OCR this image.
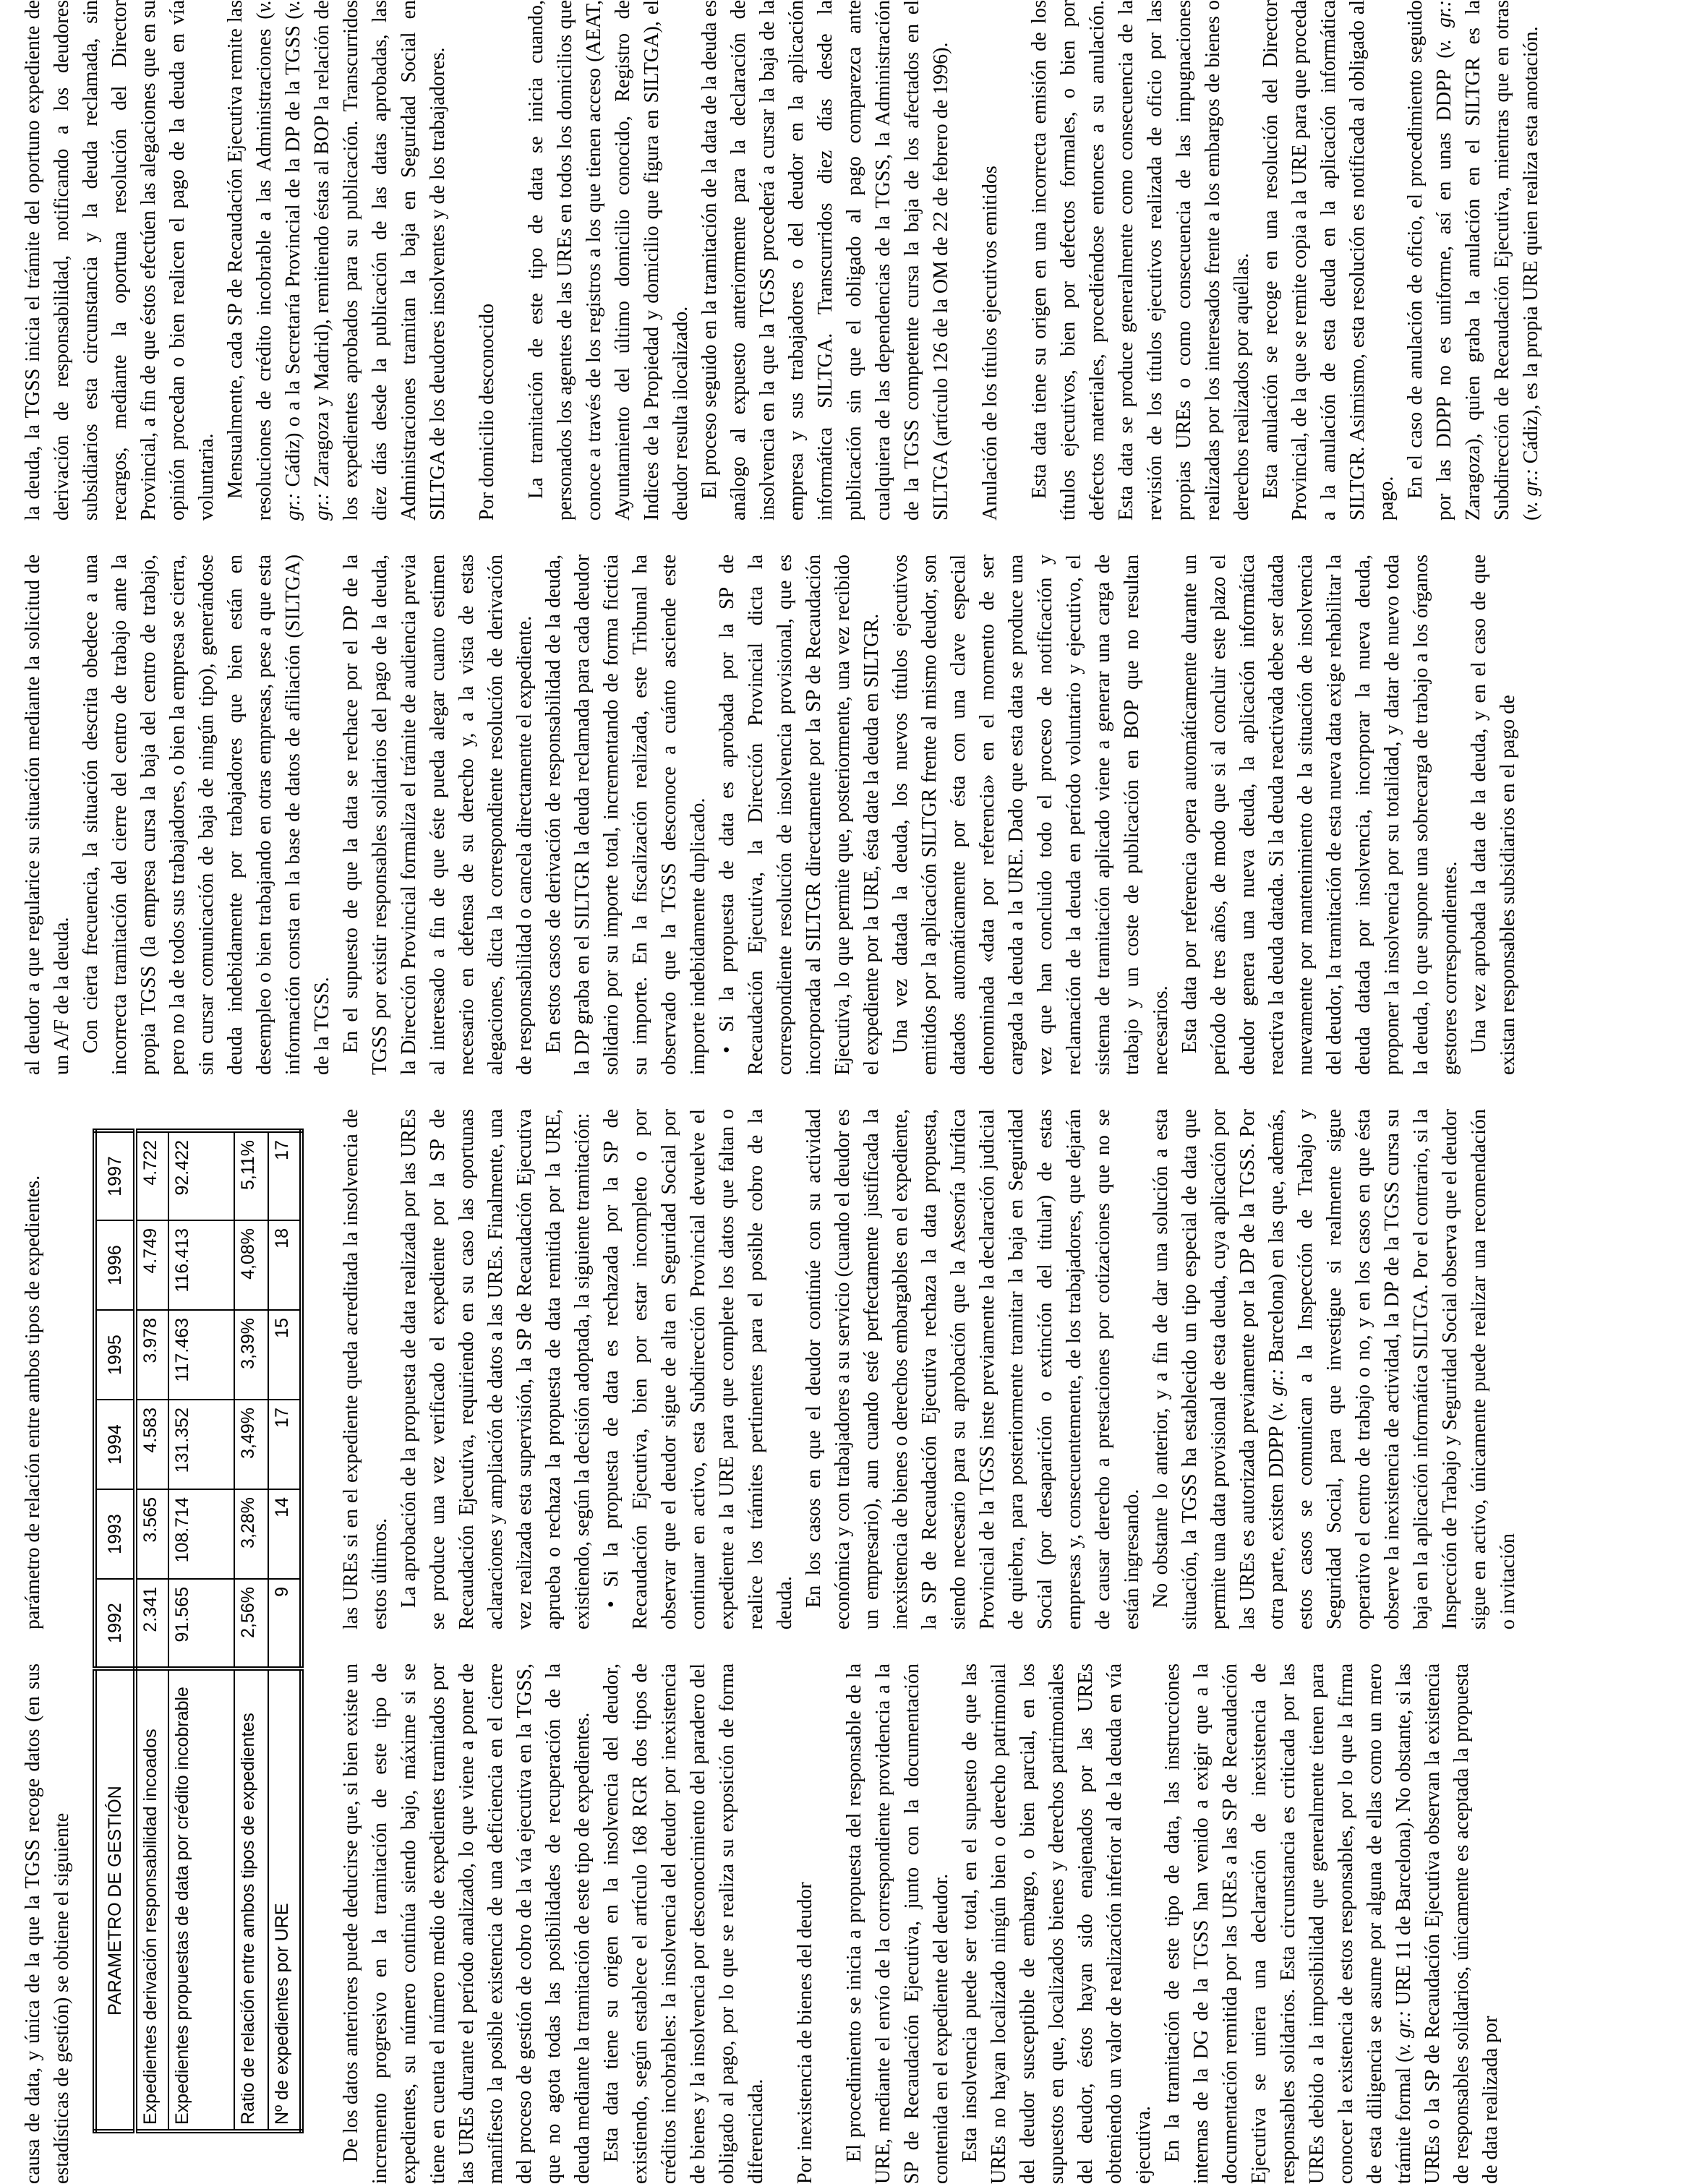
causa de data, y única de la que la TGSS recoge datos (en sus estadísticas de gestión) se obtiene el siguiente	De los datos anteriores puede deducirse que, si bien existe un incremento progresivo en la tramitación de este tipo de expedientes, su número continúa siendo bajo, máxime si se tiene en cuenta el número medio de expedientes tramitados por las UREs durante el período analizado, lo que viene a poner de manifiesto la posible existencia de una deficiencia en el cierre del proceso de gestión de cobro de la vía ejecutiva en la TGSS, que no agota todas las posibilidades de recuperación de la deuda mediante la tramitación de este tipo de expedientes. Esta data tiene su origen en la insolvencia del deudor, existiendo, según establece el artículo 168 RGR dos tipos de créditos incobrables: la insolvencia del deudor por inexistencia de bienes y la insolvencia por desconocimiento del paradero del obligado al pago, por lo que se realiza su exposición de forma diferenciada. Por inexistencia de bienes del deudor El procedimiento se inicia a propuesta del responsable de la URE, mediante el envío de la correspondiente providencia a la SP de Recaudación Ejecutiva, junto con la documentación contenida en el expediente del deudor. Esta insolvencia puede ser total, en el supuesto de que las UREs no hayan localizado ningún bien o derecho patrimonial del deudor susceptible de embargo, o bien parcial, en los supuestos en que, localizados bienes y derechos patrimoniales del deudor, éstos hayan sido enajenados por las UREs obteniendo un valor de realización inferior al de la deuda en vía ejecutiva. En la tramitación de este tipo de data, las instrucciones internas de la DG de la TGSS han venido a exigir que a la documentación remitida por las UREs a las SP de Recaudación Ejecutiva se uniera una declaración de inexistencia de responsables solidarios. Esta circunstancia es criticada por las UREs debido a la imposibilidad que generalmente tienen para conocer la existencia de estos responsables, por lo que la firma de esta diligencia se asume por alguna de ellas como un mero trámite formal (v. gr.: URE 11 de Barcelona). No obstante, si las UREs o la SP de Recaudación Ejecutiva observan la existencia de responsables solidarios, únicamente es aceptada la propuesta de data realizada por

parámetro de relación entre ambos tipos de expedientes.	las UREs si en el expediente queda acreditada la insolvencia de estos últimos. La aprobación de la propuesta de data realizada por las UREs se produce una vez verificado el expediente por la SP de Recaudación Ejecutiva, requiriendo en su caso las oportunas aclaraciones y ampliación de datos a las UREs. Finalmente, una vez realizada esta supervisión, la SP de Recaudación Ejecutiva aprueba o rechaza la propuesta de data remitida por la URE, existiendo, según la decisión adoptada, la siguiente tramitación: • Si la propuesta de data es rechazada por la SP de Recaudación Ejecutiva, bien por estar incompleto o por observar que el deudor sigue de alta en Seguridad Social por continuar en activo, esta Subdirección Provincial devuelve el expediente a la URE para que complete los datos que faltan o realice los trámites pertinentes para el posible cobro de la deuda. En los casos en que el deudor continúe con su actividad económica y con trabajadores a su servicio (cuando el deudor es un empresario), aun cuando esté perfectamente justificada la inexistencia de bienes o derechos embargables en el expediente, la SP de Recaudación Ejecutiva rechaza la data propuesta, siendo necesario para su aprobación que la Asesoría Jurídica Provincial de la TGSS inste previamente la declaración judicial de quiebra, para posteriormente tramitar la baja en Seguridad Social (por desaparición o extinción del titular) de estas empresas y, consecuentemente, de los trabajadores, que dejarán de causar derecho a prestaciones por cotizaciones que no se están ingresando. No obstante lo anterior, y a fin de dar una solución a esta situación, la TGSS ha establecido un tipo especial de data que permite una data provisional de esta deuda, cuya aplicación por las UREs es autorizada previamente por la DP de la TGSS. Por otra parte, existen DDPP (v. gr.: Barcelona) en las que, además, estos casos se comunican a la Inspección de Trabajo y Seguridad Social, para que investigue si realmente sigue operativo el centro de trabajo o no, y en los casos en que ésta observe la inexistencia de actividad, la DP de la TGSS cursa su baja en la aplicación informática SILTGA. Por el contrario, si la Inspección de Trabajo y Seguridad Social observa que el deudor sigue en activo, únicamente puede realizar una recomendación o invitación

al deudor a que regularice su situación mediante la solicitud de un A/F de la deuda. Con cierta frecuencia, la situación descrita obedece a una incorrecta tramitación del cierre del centro de trabajo ante la propia TGSS (la empresa cursa la baja del centro de trabajo, pero no la de todos sus trabajadores, o bien la empresa se cierra, sin cursar comunicación de baja de ningún tipo), generándose deuda indebidamente por trabajadores que bien están en desempleo o bien trabajando en otras empresas, pese a que esta información consta en la base de datos de afiliación (SILTGA) de la TGSS. En el supuesto de que la data se rechace por el DP de la TGSS por existir responsables solidarios del pago de la deuda, la Dirección Provincial formaliza el trámite de audiencia previa al interesado a fin de que éste pueda alegar cuanto estimen necesario en defensa de su derecho y, a la vista de estas alegaciones, dicta la correspondiente resolución de derivación de responsabilidad o cancela directamente el expediente. En estos casos de derivación de responsabilidad de la deuda, la DP graba en el SILTGR la deuda reclamada para cada deudor solidario por su importe total, incrementando de forma ficticia su importe. En la fiscalización realizada, este Tribunal ha observado que la TGSS desconoce a cuánto asciende este importe indebidamente duplicado. • Si la propuesta de data es aprobada por la SP de Recaudación Ejecutiva, la Dirección Provincial dicta la correspondiente resolución de insolvencia provisional, que es incorporada al SILTGR directamente por la SP de Recaudación Ejecutiva, lo que permite que, posteriormente, una vez recibido el expediente por la URE, ésta date la deuda en SILTGR. Una vez datada la deuda, los nuevos títulos ejecutivos emitidos por la aplicación SILTGR frente al mismo deudor, son datados automáticamente por ésta con una clave especial denominada «data por referencia» en el momento de ser cargada la deuda a la URE. Dado que esta data se produce una vez que han concluido todo el proceso de notificación y reclamación de la deuda en período voluntario y ejecutivo, el sistema de tramitación aplicado viene a generar una carga de trabajo y un coste de publicación en BOP que no resultan necesarios. Esta data por referencia opera automáticamente durante un período de tres años, de modo que si al concluir este plazo el deudor genera una nueva deuda, la aplicación informática reactiva la deuda datada. Si la deuda reactivada debe ser datada nuevamente por mantenimiento de la situación de insolvencia del deudor, la tramitación de esta nueva data exige rehabilitar la deuda datada por insolvencia, incorporar la nueva deuda, proponer la insolvencia por su totalidad, y datar de nuevo toda la deuda, lo que supone una sobrecarga de trabajo a los órganos gestores correspondientes. Una vez aprobada la data de la deuda, y en el caso de que existan responsables subsidiarios en el pago de

la deuda, la TGSS inicia el trámite del oportuno expediente de derivación de responsabilidad, notificando a los deudores subsidiarios esta circunstancia y la deuda reclamada, sin recargos, mediante la oportuna resolución del Director Provincial, a fin de que éstos efectúen las alegaciones que en su opinión procedan o bien realicen el pago de la deuda en vía voluntaria. Mensualmente, cada SP de Recaudación Ejecutiva remite las resoluciones de crédito incobrable a las Administraciones (v. gr.: Cádiz) o a la Secretaría Provincial de la DP de la TGSS (v. gr.: Zaragoza y Madrid), remitiendo éstas al BOP la relación de los expedientes aprobados para su publicación. Transcurridos diez días desde la publicación de las datas aprobadas, las Administraciones tramitan la baja en Seguridad Social en SILTGA de los deudores insolventes y de los trabajadores. Por domicilio desconocido La tramitación de este tipo de data se inicia cuando, personados los agentes de las UREs en todos los domicilios que conoce a través de los registros a los que tienen acceso (AEAT, Ayuntamiento del último domicilio conocido, Registro de Indices de la Propiedad y domicilio que figura en SILTGA), el deudor resulta ilocalizado. El proceso seguido en la tramitación de la data de la deuda es análogo al expuesto anteriormente para la declaración de insolvencia en la que la TGSS procederá a cursar la baja de la empresa y sus trabajadores o del deudor en la aplicación informática SILTGA. Transcurridos diez días desde la publicación sin que el obligado al pago comparezca ante cualquiera de las dependencias de la TGSS, la Administración de la TGSS competente cursa la baja de los afectados en el SILTGA (artículo 126 de la OM de 22 de febrero de 1996). Anulación de los títulos ejecutivos emitidos Esta data tiene su origen en una incorrecta emisión de los títulos ejecutivos, bien por defectos formales, o bien por defectos materiales, procediéndose entonces a su anulación. Esta data se produce generalmente como consecuencia de la revisión de los títulos ejecutivos realizada de oficio por las propias UREs o como consecuencia de las impugnaciones realizadas por los interesados frente a los embargos de bienes o derechos realizados por aquéllas. Esta anulación se recoge en una resolución del Director Provincial, de la que se remite copia a la URE para que proceda a la anulación de esta deuda en la aplicación informática SILTGR. Asimismo, esta resolución es notificada al obligado al pago. En el caso de anulación de oficio, el procedimiento seguido por las DDPP no es uniforme, así en unas DDPP (v. gr.: Zaragoza), quien graba la anulación en el SILTGR es la Subdirección de Recaudación Ejecutiva, mientras que en otras (v. gr.: Cádiz), es la propia URE quien realiza esta anotación.

PARAMETRO DE GESTIÓN	1992	1993	1994	1995	1996	1997
Expedientes derivación responsabilidad incoados	2.341	3.565	4.583	3.978	4.749	4.722
Expedientes propuestas de data por crédito incobrable	91.565	108.714	131.352	117.463	116.413	92.422
Ratio de relación entre ambos tipos de expedientes	2,56%	3,28%	3,49%	3,39%	4,08%	5,11%
Nº de expedientes por URE	9	14	17	15	18	17
